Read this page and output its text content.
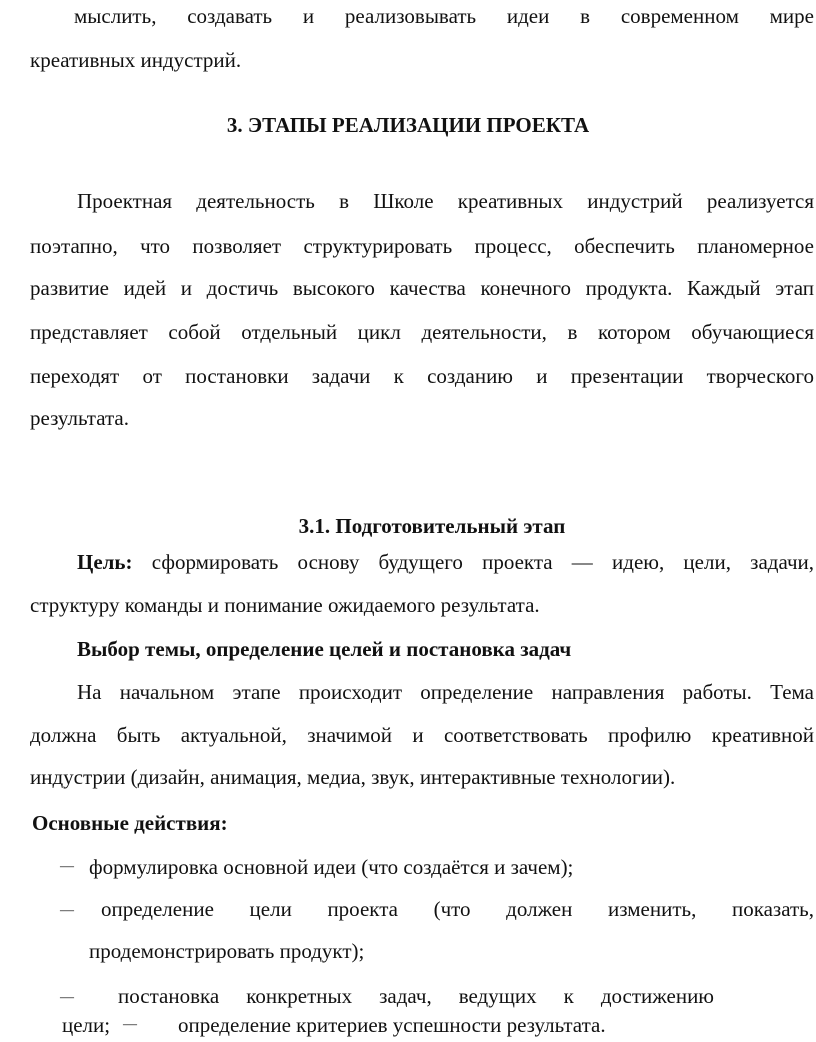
мыслить, создавать и реализовывать идеи в современном мире
креативных индустрий.
3. ЭТАПЫ РЕАЛИЗАЦИИ ПРОЕКТА
Проектная деятельность в Школе креативных индустрий реализуется
поэтапно, что позволяет структурировать процесс, обеспечить планомерное
развитие идей и достичь высокого качества конечного продукта. Каждый этап
представляет собой отдельный цикл деятельности, в котором обучающиеся
переходят от постановки задачи к созданию и презентации творческого
результата.
3.1. Подготовительный этап
Цель: сформировать основу будущего проекта — идею, цели, задачи,
структуру команды и понимание ожидаемого результата.
Выбор темы, определение целей и постановка задач
На начальном этапе происходит определение направления работы. Тема
должна быть актуальной, значимой и соответствовать профилю креативной
индустрии (дизайн, анимация, медиа, звук, интерактивные технологии).
Основные действия:
— формулировка основной идеи (что создаётся и зачем);
— определение цели проекта (что должен изменить, показать,
продемонстрировать продукт);
— постановка конкретных задач, ведущих к достижению
цели; — определение критериев успешности результата.
